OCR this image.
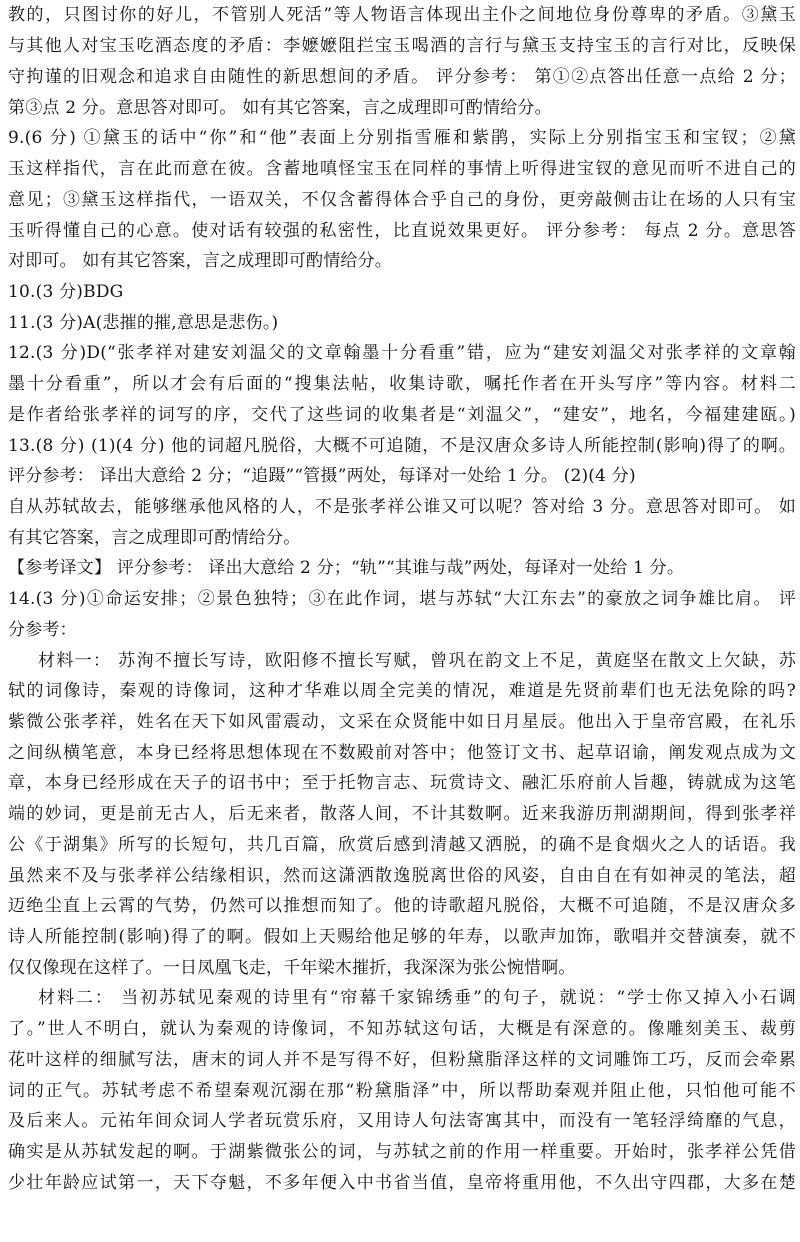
教的，只图讨你的好儿，不管别人死活”等人物语言体现出主仆之间地位身份尊卑的矛盾。③黛玉
与其他人对宝玉吃酒态度的矛盾：李嬷嬷阻拦宝玉喝酒的言行与黛玉支持宝玉的言行对比，反映保
守拘谨的旧观念和追求自由随性的新思想间的矛盾。 评分参考： 第①②点答出任意一点给 2 分；
第③点 2 分。意思答对即可。 如有其它答案，言之成理即可酌情给分。
9.(6 分) ①黛玉的话中“你”和“他”表面上分别指雪雁和紫鹃，实际上分别指宝玉和宝钗；②黛
玉这样指代，言在此而意在彼。含蓄地嗔怪宝玉在同样的事情上听得进宝钗的意见而听不进自己的
意见；③黛玉这样指代，一语双关，不仅含蓄得体合乎自己的身份，更旁敲侧击让在场的人只有宝
玉听得懂自己的心意。使对话有较强的私密性，比直说效果更好。 评分参考： 每点 2 分。意思答
对即可。 如有其它答案，言之成理即可酌情给分。
10.(3 分)BDG
11.(3 分)A(悲摧的摧,意思是悲伤。)
12.(3 分)D(“张孝祥对建安刘温父的文章翰墨十分看重”错，应为“建安刘温父对张孝祥的文章翰
墨十分看重”，所以才会有后面的“搜集法帖，收集诗歌，嘱托作者在开头写序”等内容。材料二
是作者给张孝祥的词写的序，交代了这些词的收集者是“刘温父”，“建安”，地名，今福建建瓯。)
13.(8 分) (1)(4 分) 他的词超凡脱俗，大概不可追随，不是汉唐众多诗人所能控制(影响)得了的啊。
评分参考： 译出大意给 2 分；“追蹑”“管摄”两处，每译对一处给 1 分。 (2)(4 分)
自从苏轼故去，能够继承他风格的人，不是张孝祥公谁又可以呢？答对给 3 分。意思答对即可。 如
有其它答案，言之成理即可酌情给分。
【参考译文】 评分参考： 译出大意给 2 分；“轨”“其谁与哉”两处，每译对一处给 1 分。
14.(3 分)①命运安排；②景色独特；③在此作词，堪与苏轼“大江东去”的豪放之词争雄比肩。 评
分参考：
材料一： 苏洵不擅长写诗，欧阳修不擅长写赋，曾巩在韵文上不足，黄庭坚在散文上欠缺，苏
轼的词像诗，秦观的诗像词，这种才华难以周全完美的情况，难道是先贤前辈们也无法免除的吗?
紫微公张孝祥，姓名在天下如风雷震动，文采在众贤能中如日月星辰。他出入于皇帝宫殿，在礼乐
之间纵横笔意，本身已经将思想体现在不数殿前对答中；他签订文书、起草诏谕，阐发观点成为文
章，本身已经形成在天子的诏书中；至于托物言志、玩赏诗文、融汇乐府前人旨趣，铸就成为这笔
端的妙词，更是前无古人，后无来者，散落人间，不计其数啊。近来我游历荆湖期间，得到张孝祥
公《于湖集》所写的长短句，共几百篇，欣赏后感到清越又洒脱，的确不是食烟火之人的话语。我
虽然来不及与张孝祥公结缘相识，然而这潇洒散逸脱离世俗的风姿，自由自在有如神灵的笔法，超
迈绝尘直上云霄的气势，仍然可以推想而知了。他的诗歌超凡脱俗，大概不可追随，不是汉唐众多
诗人所能控制(影响)得了的啊。假如上天赐给他足够的年寿，以歌声加饰，歌唱并交替演奏，就不
仅仅像现在这样了。一日凤凰飞走，千年梁木摧折，我深深为张公惋惜啊。
材料二： 当初苏轼见秦观的诗里有“帘幕千家锦绣垂”的句子，就说：“学士你又掉入小石调
了。”世人不明白，就认为秦观的诗像词，不知苏轼这句话，大概是有深意的。像雕刻美玉、裁剪
花叶这样的细腻写法，唐末的词人并不是写得不好，但粉黛脂泽这样的文词雕饰工巧，反而会牵累
词的正气。苏轼考虑不希望秦观沉溺在那“粉黛脂泽”中，所以帮助秦观并阻止他，只怕他可能不
及后来人。元祐年间众词人学者玩赏乐府，又用诗人句法寄寓其中，而没有一笔轻浮绮靡的气息，
确实是从苏轼发起的啊。于湖紫微张公的词，与苏轼之前的作用一样重要。开始时，张孝祥公凭借
少壮年龄应试第一，天下夺魁，不多年便入中书省当值，皇帝将重用他，不久出守四郡，大多在楚
